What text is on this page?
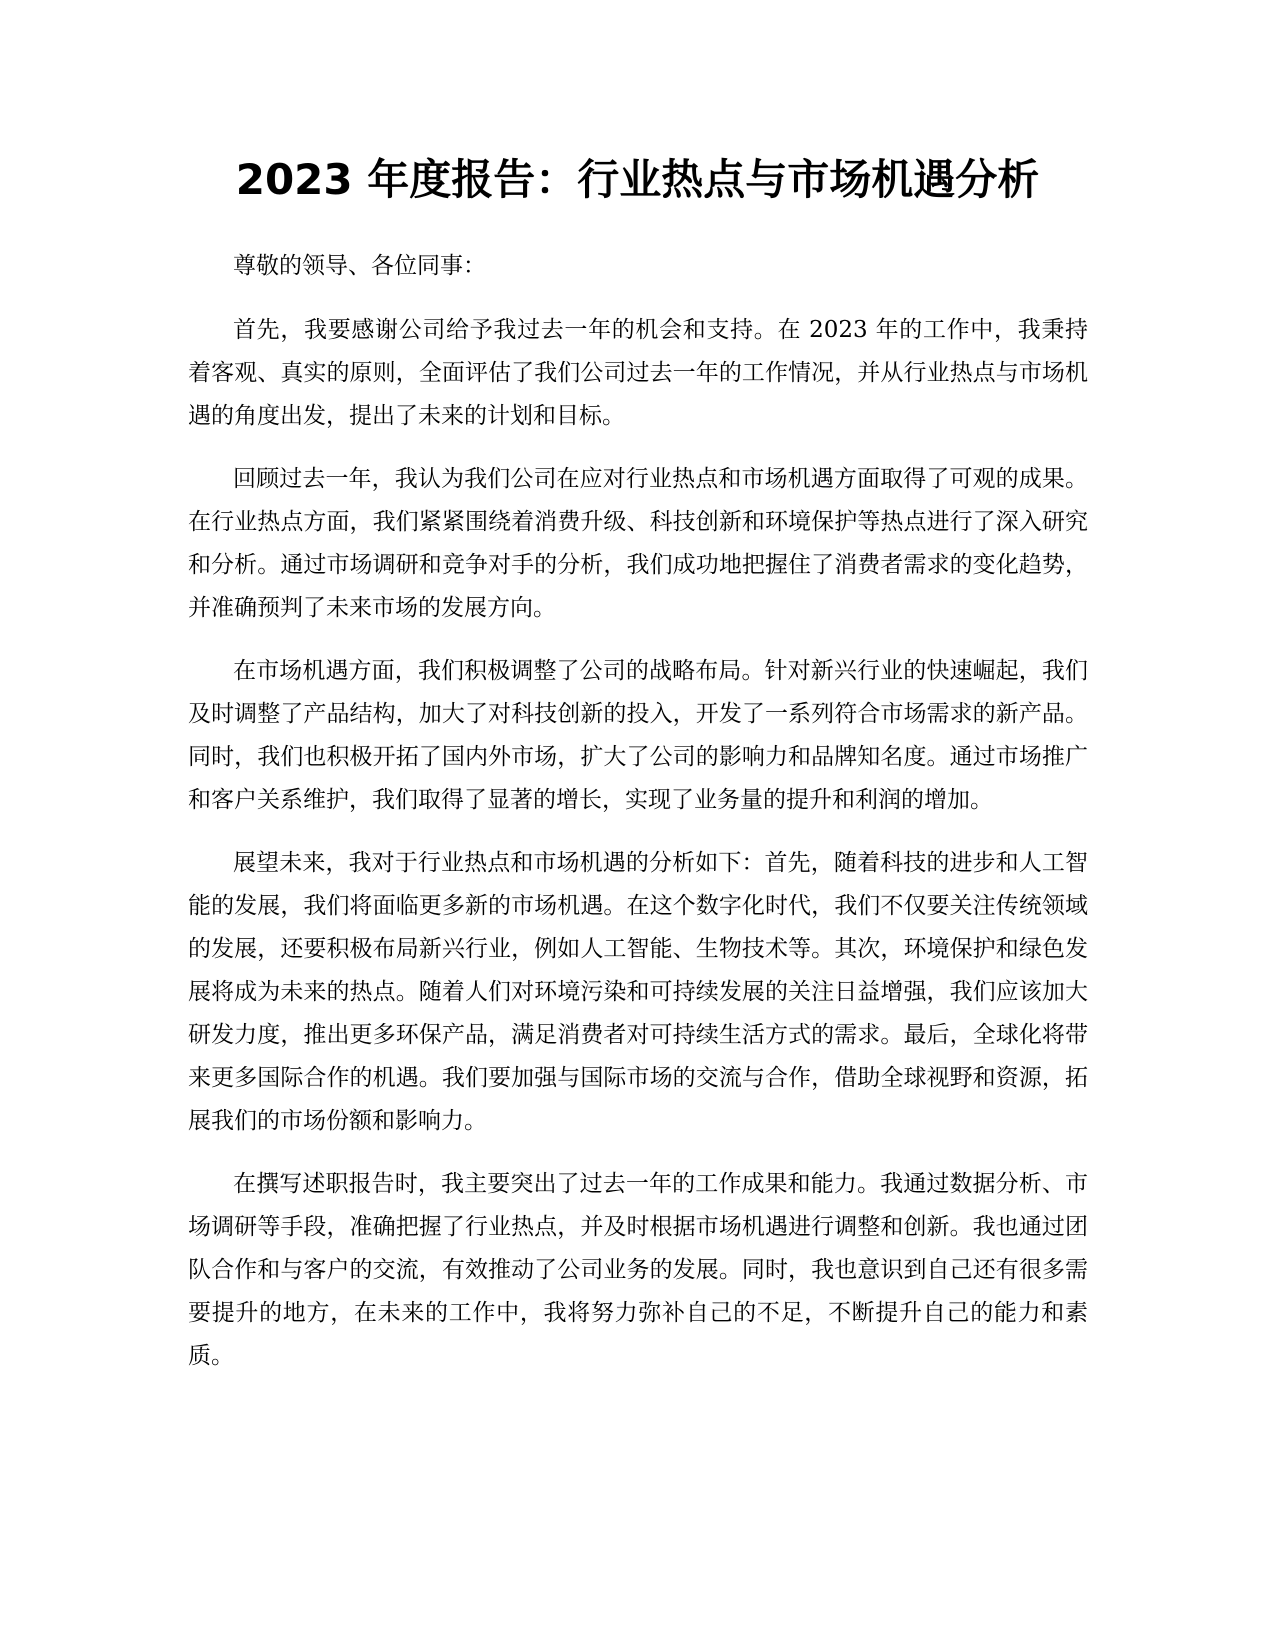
2023 年度报告：行业热点与市场机遇分析

尊敬的领导、各位同事：

首先，我要感谢公司给予我过去一年的机会和支持。在 2023 年的工作中，我秉持着客观、真实的原则，全面评估了我们公司过去一年的工作情况，并从行业热点与市场机遇的角度出发，提出了未来的计划和目标。

回顾过去一年，我认为我们公司在应对行业热点和市场机遇方面取得了可观的成果。在行业热点方面，我们紧紧围绕着消费升级、科技创新和环境保护等热点进行了深入研究和分析。通过市场调研和竞争对手的分析，我们成功地把握住了消费者需求的变化趋势，并准确预判了未来市场的发展方向。

在市场机遇方面，我们积极调整了公司的战略布局。针对新兴行业的快速崛起，我们及时调整了产品结构，加大了对科技创新的投入，开发了一系列符合市场需求的新产品。同时，我们也积极开拓了国内外市场，扩大了公司的影响力和品牌知名度。通过市场推广和客户关系维护，我们取得了显著的增长，实现了业务量的提升和利润的增加。

展望未来，我对于行业热点和市场机遇的分析如下：首先，随着科技的进步和人工智能的发展，我们将面临更多新的市场机遇。在这个数字化时代，我们不仅要关注传统领域的发展，还要积极布局新兴行业，例如人工智能、生物技术等。其次，环境保护和绿色发展将成为未来的热点。随着人们对环境污染和可持续发展的关注日益增强，我们应该加大研发力度，推出更多环保产品，满足消费者对可持续生活方式的需求。最后，全球化将带来更多国际合作的机遇。我们要加强与国际市场的交流与合作，借助全球视野和资源，拓展我们的市场份额和影响力。

在撰写述职报告时，我主要突出了过去一年的工作成果和能力。我通过数据分析、市场调研等手段，准确把握了行业热点，并及时根据市场机遇进行调整和创新。我也通过团队合作和与客户的交流，有效推动了公司业务的发展。同时，我也意识到自己还有很多需要提升的地方，在未来的工作中，我将努力弥补自己的不足，不断提升自己的能力和素质。
